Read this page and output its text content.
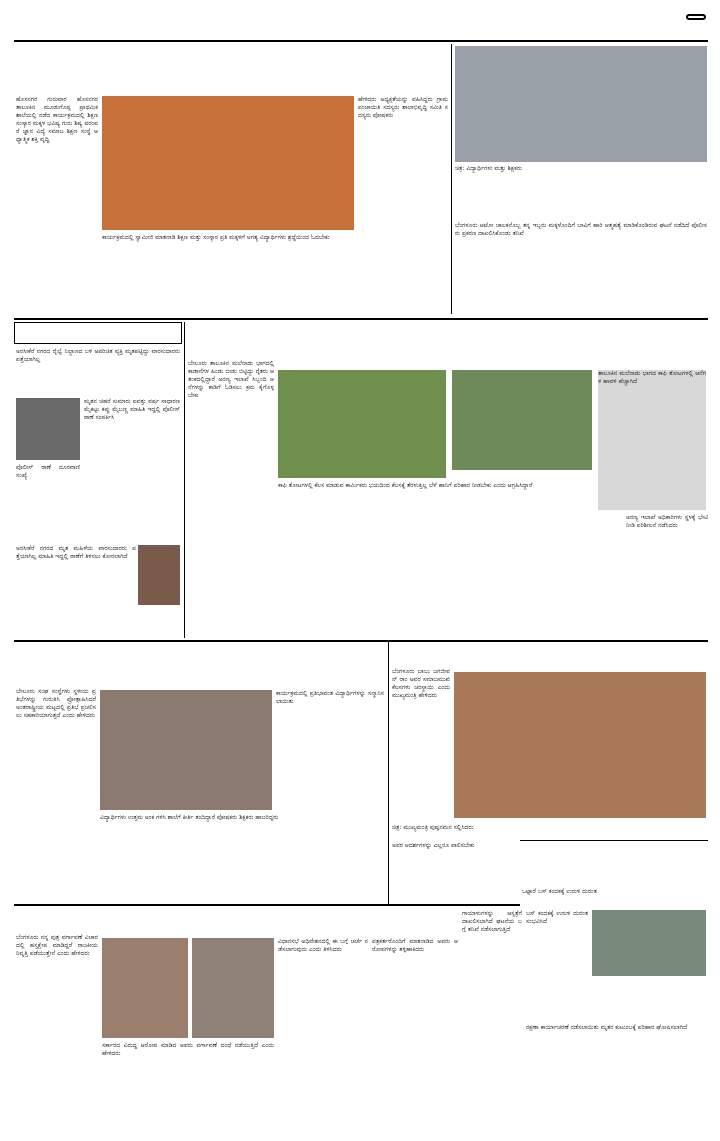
ಹೊಸನಗರ ಗುರುವಾರ ಹೊಸನಗರ ತಾಲೂಕಿನ ಮೂಡುಗೊಪ್ಪ ಪ್ರಾಥಮಿಕ ಶಾಲೆಯಲ್ಲಿ ನಡೆದ ಕಾರ್ಯಕ್ರಮದಲ್ಲಿ ಶಿಕ್ಷಣ ಸಂಸ್ಕಾರ ಮಕ್ಕಳ ಭವಿಷ್ಯ ಗುರು ಶಿಷ್ಯ ಪರಂಪರೆ ಜ್ಞಾನ ವಿದ್ಯೆ ಸಮಾಜ ಶಿಕ್ಷಣ ಸಂಸ್ಥೆ ಆಧ್ಯಾತ್ಮಿಕ ಶಕ್ತಿ ವೃದ್ಧಿ
ಕಾರ್ಯಕ್ರಮದಲ್ಲಿ ಸ್ವಾಮೀಜಿ ಮಾತನಾಡಿ ಶಿಕ್ಷಣ ಮತ್ತು ಸಂಸ್ಕಾರ ಪ್ರತಿ ಮಕ್ಕಳಿಗೆ ಅಗತ್ಯ ವಿದ್ಯಾರ್ಥಿಗಳು ಶ್ರದ್ಧೆಯಿಂದ ಓದಬೇಕು
ಹೇಳಿದರು ಅಧ್ಯಕ್ಷತೆಯನ್ನು ವಹಿಸಿದ್ದರು ಗ್ರಾಮ ಪಂಚಾಯಿತಿ ಸದಸ್ಯರು ಶಾಲಾಭಿವೃದ್ಧಿ ಸಮಿತಿ ಸದಸ್ಯರು ಪೋಷಕರು
ಚಿತ್ರ: ವಿದ್ಯಾರ್ಥಿಗಳು ಮತ್ತು ಶಿಕ್ಷಕರು
ಬೆಂಗಳೂರು ಆಟೋ ಚಾಲಕನೊಬ್ಬ ತನ್ನ ಇಬ್ಬರು ಮಕ್ಕಳೊಂದಿಗೆ ಬಾವಿಗೆ ಹಾರಿ ಆತ್ಮಹತ್ಯೆ ಮಾಡಿಕೊಂಡಿರುವ ಘಟನೆ ನಡೆದಿದೆ ಪೊಲೀಸರು ಪ್ರಕರಣ ದಾಖಲಿಸಿಕೊಂಡು ತನಿಖೆ
ಅರಸೀಕೆರೆ ನಗರದ ರೈಲ್ವೆ ನಿಲ್ದಾಣದ ಬಳಿ ಅಪರಿಚಿತ ವ್ಯಕ್ತಿ ಮೃತಪಟ್ಟಿದ್ದು ವಾರಸುದಾರರು ಪತ್ತೆಯಾಗಿಲ್ಲ
ಮೃತನ ಚಹರೆ ಸುಮಾರು ಐವತ್ತು ವರ್ಷ ಸಾಧಾರಣ ಮೈಕಟ್ಟು ಕಪ್ಪು ಮೈಬಣ್ಣ ಮಾಹಿತಿ ಇದ್ದಲ್ಲಿ ಪೊಲೀಸ್ ಠಾಣೆ ಸಂಪರ್ಕಿಸಿ
ಪೊಲೀಸ್ ಠಾಣೆ ದೂರವಾಣಿ ಸಂಖ್ಯೆ
ಅರಸೀಕೆರೆ ನಗರದ ಮೃತ ಮಹಿಳೆಯ ವಾರಸುದಾರರು ಪತ್ತೆಯಾಗಿಲ್ಲ ಮಾಹಿತಿ ಇದ್ದಲ್ಲಿ ಠಾಣೆಗೆ ತಿಳಿಸಲು ಕೋರಲಾಗಿದೆ
ಬೇಲೂರು ತಾಲೂಕಿನ ಮಲೆನಾಡು ಭಾಗದಲ್ಲಿ ಕಾಡಾನೆಗಳ ಹಿಂಡು ಬೀಡು ಬಿಟ್ಟಿದ್ದು ರೈತರು ಆತಂಕದಲ್ಲಿದ್ದಾರೆ ಅರಣ್ಯ ಇಲಾಖೆ ಸಿಬ್ಬಂದಿ ಆನೆಗಳನ್ನು ಕಾಡಿಗೆ ಓಡಿಸಲು ಕ್ರಮ ಕೈಗೊಳ್ಳಬೇಕು
ತಾಲೂಕಿನ ಮಲೆನಾಡು ಭಾಗದ ಕಾಫಿ ತೋಟಗಳಲ್ಲಿ ಆನೆಗಳ ಹಾವಳಿ ಹೆಚ್ಚಾಗಿದೆ
ಕಾಫಿ ತೋಟಗಳಲ್ಲಿ ಕೆಲಸ ಮಾಡುವ ಕಾರ್ಮಿಕರು ಭಯದಿಂದ ಕೆಲಸಕ್ಕೆ ತೆರಳುತ್ತಿಲ್ಲ ಬೆಳೆ ಹಾನಿಗೆ ಪರಿಹಾರ ನೀಡಬೇಕು ಎಂದು ಆಗ್ರಹಿಸಿದ್ದಾರೆ
ಅರಣ್ಯ ಇಲಾಖೆ ಅಧಿಕಾರಿಗಳು ಸ್ಥಳಕ್ಕೆ ಭೇಟಿ ನೀಡಿ ಪರಿಶೀಲನೆ ನಡೆಸಿದರು
ಬೇಲೂರು ಸಂಘ ಸಂಸ್ಥೆಗಳು ಸ್ಥಳೀಯ ಪ್ರತಿಭೆಗಳನ್ನು ಗುರುತಿಸಿ ಪ್ರೋತ್ಸಾಹಿಸಿದರೆ ಅಂತರಾಷ್ಟ್ರೀಯ ಮಟ್ಟದಲ್ಲಿ ಪ್ರತಿಭೆ ಪ್ರಚಲಿಸಲು ಸಹಕಾರಿಯಾಗುತ್ತದೆ ಎಂದು ಹೇಳಿದರು
ಕಾರ್ಯಕ್ರಮದಲ್ಲಿ ಪ್ರತಿಭಾವಂತ ವಿದ್ಯಾರ್ಥಿಗಳನ್ನು ಸನ್ಮಾನಿಸಲಾಯಿತು
ವಿದ್ಯಾರ್ಥಿಗಳು ಉತ್ತಮ ಅಂಕ ಗಳಿಸಿ ಶಾಲೆಗೆ ಕೀರ್ತಿ ತಂದಿದ್ದಾರೆ ಪೋಷಕರು ಶಿಕ್ಷಕರು ಹಾಜರಿದ್ದರು
ಬೆಂಗಳೂರು ಬಾಬು ಜಗಜೀವನ್ ರಾಂ ಅವರ ಸಮಾಜಮುಖಿ ಕೆಲಸಗಳು ಚಿರಸ್ಥಾಯಿ ಎಂದು ಮುಖ್ಯಮಂತ್ರಿ ಹೇಳಿದರು
ಚಿತ್ರ: ಮುಖ್ಯಮಂತ್ರಿ ಪುಷ್ಪನಮನ ಸಲ್ಲಿಸಿದರು
ಅವರ ಆದರ್ಶಗಳನ್ನು ಎಲ್ಲರೂ ಪಾಲಿಸಬೇಕು
ಒಟ್ಟಾರೆ ಬಸ್ ಕಂದಕಕ್ಕೆ ಉರುಳಿ ದುರಂತ
ಬೆಂಗಳೂರು ನನ್ನ ಪುತ್ರ ವರ್ಗಾವಣೆ ವಿಚಾರದಲ್ಲಿ ಹಸ್ತಕ್ಷೇಪ ಮಾಡಿದ್ದರೆ ರಾಜಕೀಯ ನಿವೃತ್ತಿ ಪಡೆಯುತ್ತೇನೆ ಎಂದು ಹೇಳಿದರು
ಸರ್ಕಾರದ ವಿರುದ್ಧ ಆರೋಪ ಮಾಡಿದ ಅವರು ವರ್ಗಾವಣೆ ದಂಧೆ ನಡೆಯುತ್ತಿದೆ ಎಂದು ಹೇಳಿದರು
ವಿಧಾನಸಭೆ ಅಧಿವೇಶನದಲ್ಲಿ ಈ ಬಗ್ಗೆ ಚರ್ಚೆ ನಡೆಸಲಾಗುವುದು ಎಂದು ತಿಳಿಸಿದರು
ಪತ್ರಕರ್ತರೊಂದಿಗೆ ಮಾತನಾಡಿದ ಅವರು ಆರೋಪಗಳನ್ನು ತಳ್ಳಿಹಾಕಿದರು
ಗಾಯಾಳುಗಳನ್ನು ಆಸ್ಪತ್ರೆಗೆ ದಾಖಲಿಸಲಾಗಿದೆ ಘಟನೆಯ ಬಗ್ಗೆ ತನಿಖೆ ನಡೆಸಲಾಗುತ್ತಿದೆ
ಬಸ್ ಕಂದಕಕ್ಕೆ ಉರುಳಿ ದುರಂತ ಸಂಭವಿಸಿದೆ
ರಕ್ಷಣಾ ಕಾರ್ಯಾಚರಣೆ ನಡೆಸಲಾಯಿತು ಮೃತರ ಕುಟುಂಬಕ್ಕೆ ಪರಿಹಾರ ಘೋಷಿಸಲಾಗಿದೆ
